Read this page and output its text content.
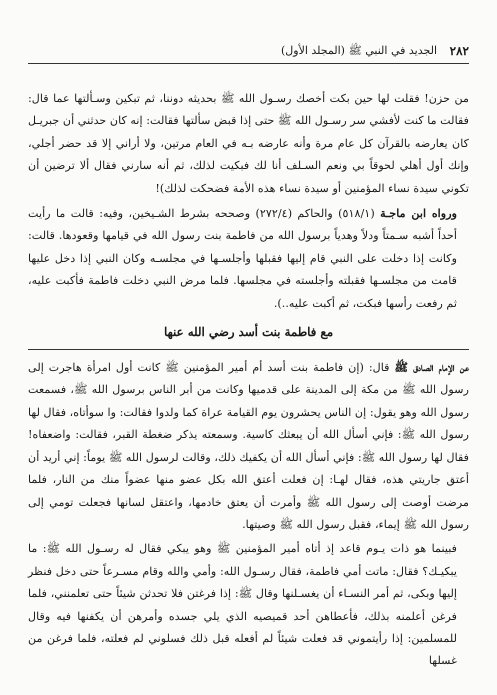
٢٨٢
الجديد في النبي ﷺ (المجلد الأول)

من حزن! فقلت لها حين بكت أخصك رسـول الله ﷺ بحديثه دوننا، ثم تبكين وسـألتها عما قال: فقالت ما كنت لأفشي سر رسـول الله ﷺ حتى إذا قبض سألتها فقالت: إنه كان حدثني أن جبريـل كان يعارضه بالقرآن كل عام مرة وأنه عارضه بـه في العام مرتين، ولا أراني إلا قد حضر أجلي، وإنك أول أهلي لحوقاً بي ونعم السـلف أنا لك فبكيت لذلك، ثم أنه سارني فقال ألا ترضين أن تكوني سيدة نساء المؤمنين أو سيدة نساء هذه الأمة فضحكت لذلك)!

ورواه ابن ماجـة (٥١٨/١) والحاكم (٢٧٢/٤) وصححه بشرط الشـيخين، وفيه: قالت ما رأيت أحداً أشبه سـمتاً ودلاً وهدياً برسول الله من فاطمة بنت رسول الله في قيامها وقعودها. قالت: وكانت إذا دخلت على النبي قام إليها فقبلها وأجلسـها في مجلسـه وكان النبي إذا دخل عليها قامت من مجلسـها فقبلته وأجلسته في مجلسها. فلما مرض النبي دخلت فاطمة فأكبت عليه، ثم رفعت رأسها فبكت، ثم أكبت عليه..).

مع فاطمة بنت أسد رضي الله عنها

عن الإمام الصادق ﷺ قال: (إن فاطمة بنت أسد أم أمير المؤمنين ﷺ كانت أول امرأة هاجرت إلى رسول الله ﷺ من مكة إلى المدينة على قدميها وكانت من أبر الناس برسول الله ﷺ، فسمعت رسول الله وهو يقول: إن الناس يحشرون يوم القيامة عراة كما ولدوا فقالت: وا سوأتاه، فقال لها رسول الله ﷺ: فإني أسأل الله أن يبعثك كاسية. وسمعته يذكر ضغطة القبر، فقالت: واضعفاه! فقال لها رسول الله ﷺ: فإني أسأل الله أن يكفيك ذلك، وقالت لرسول الله ﷺ يوماً: إني أريد أن أعتق جاريتي هذه، فقال لهـا: إن فعلت أعتق الله بكل عضو منها عضواً منك من النار، فلما مرضت أوصت إلى رسول الله ﷺ وأمرت أن يعتق خادمها، واعتقل لسانها فجعلت تومي إلى رسول الله ﷺ إيماء، فقبل رسول الله ﷺ وصيتها.

فبينما هو ذات يـوم قاعد إذ أتاه أمير المؤمنين ﷺ وهو يبكي فقال له رسـول الله ﷺ: ما يبكيـك؟ فقال: ماتت أمي فاطمة، فقال رسـول الله: وأمي والله وقام مسـرعاً حتى دخل فنظر إليها وبكى، ثم أمر النسـاء أن يغسـلنها وقال ﷺ: إذا فرغتن فلا تحدثن شيئاً حتى تعلمنني، فلما فرغن أعلمنه بذلك، فأعطاهن أحد قميصيه الذي يلي جسده وأمرهن أن يكفنها فيه وقال للمسلمين: إذا رأيتموني قد فعلت شيئاً لم أفعله قبل ذلك فسلوني لم فعلته، فلما فرغن من غسلها
